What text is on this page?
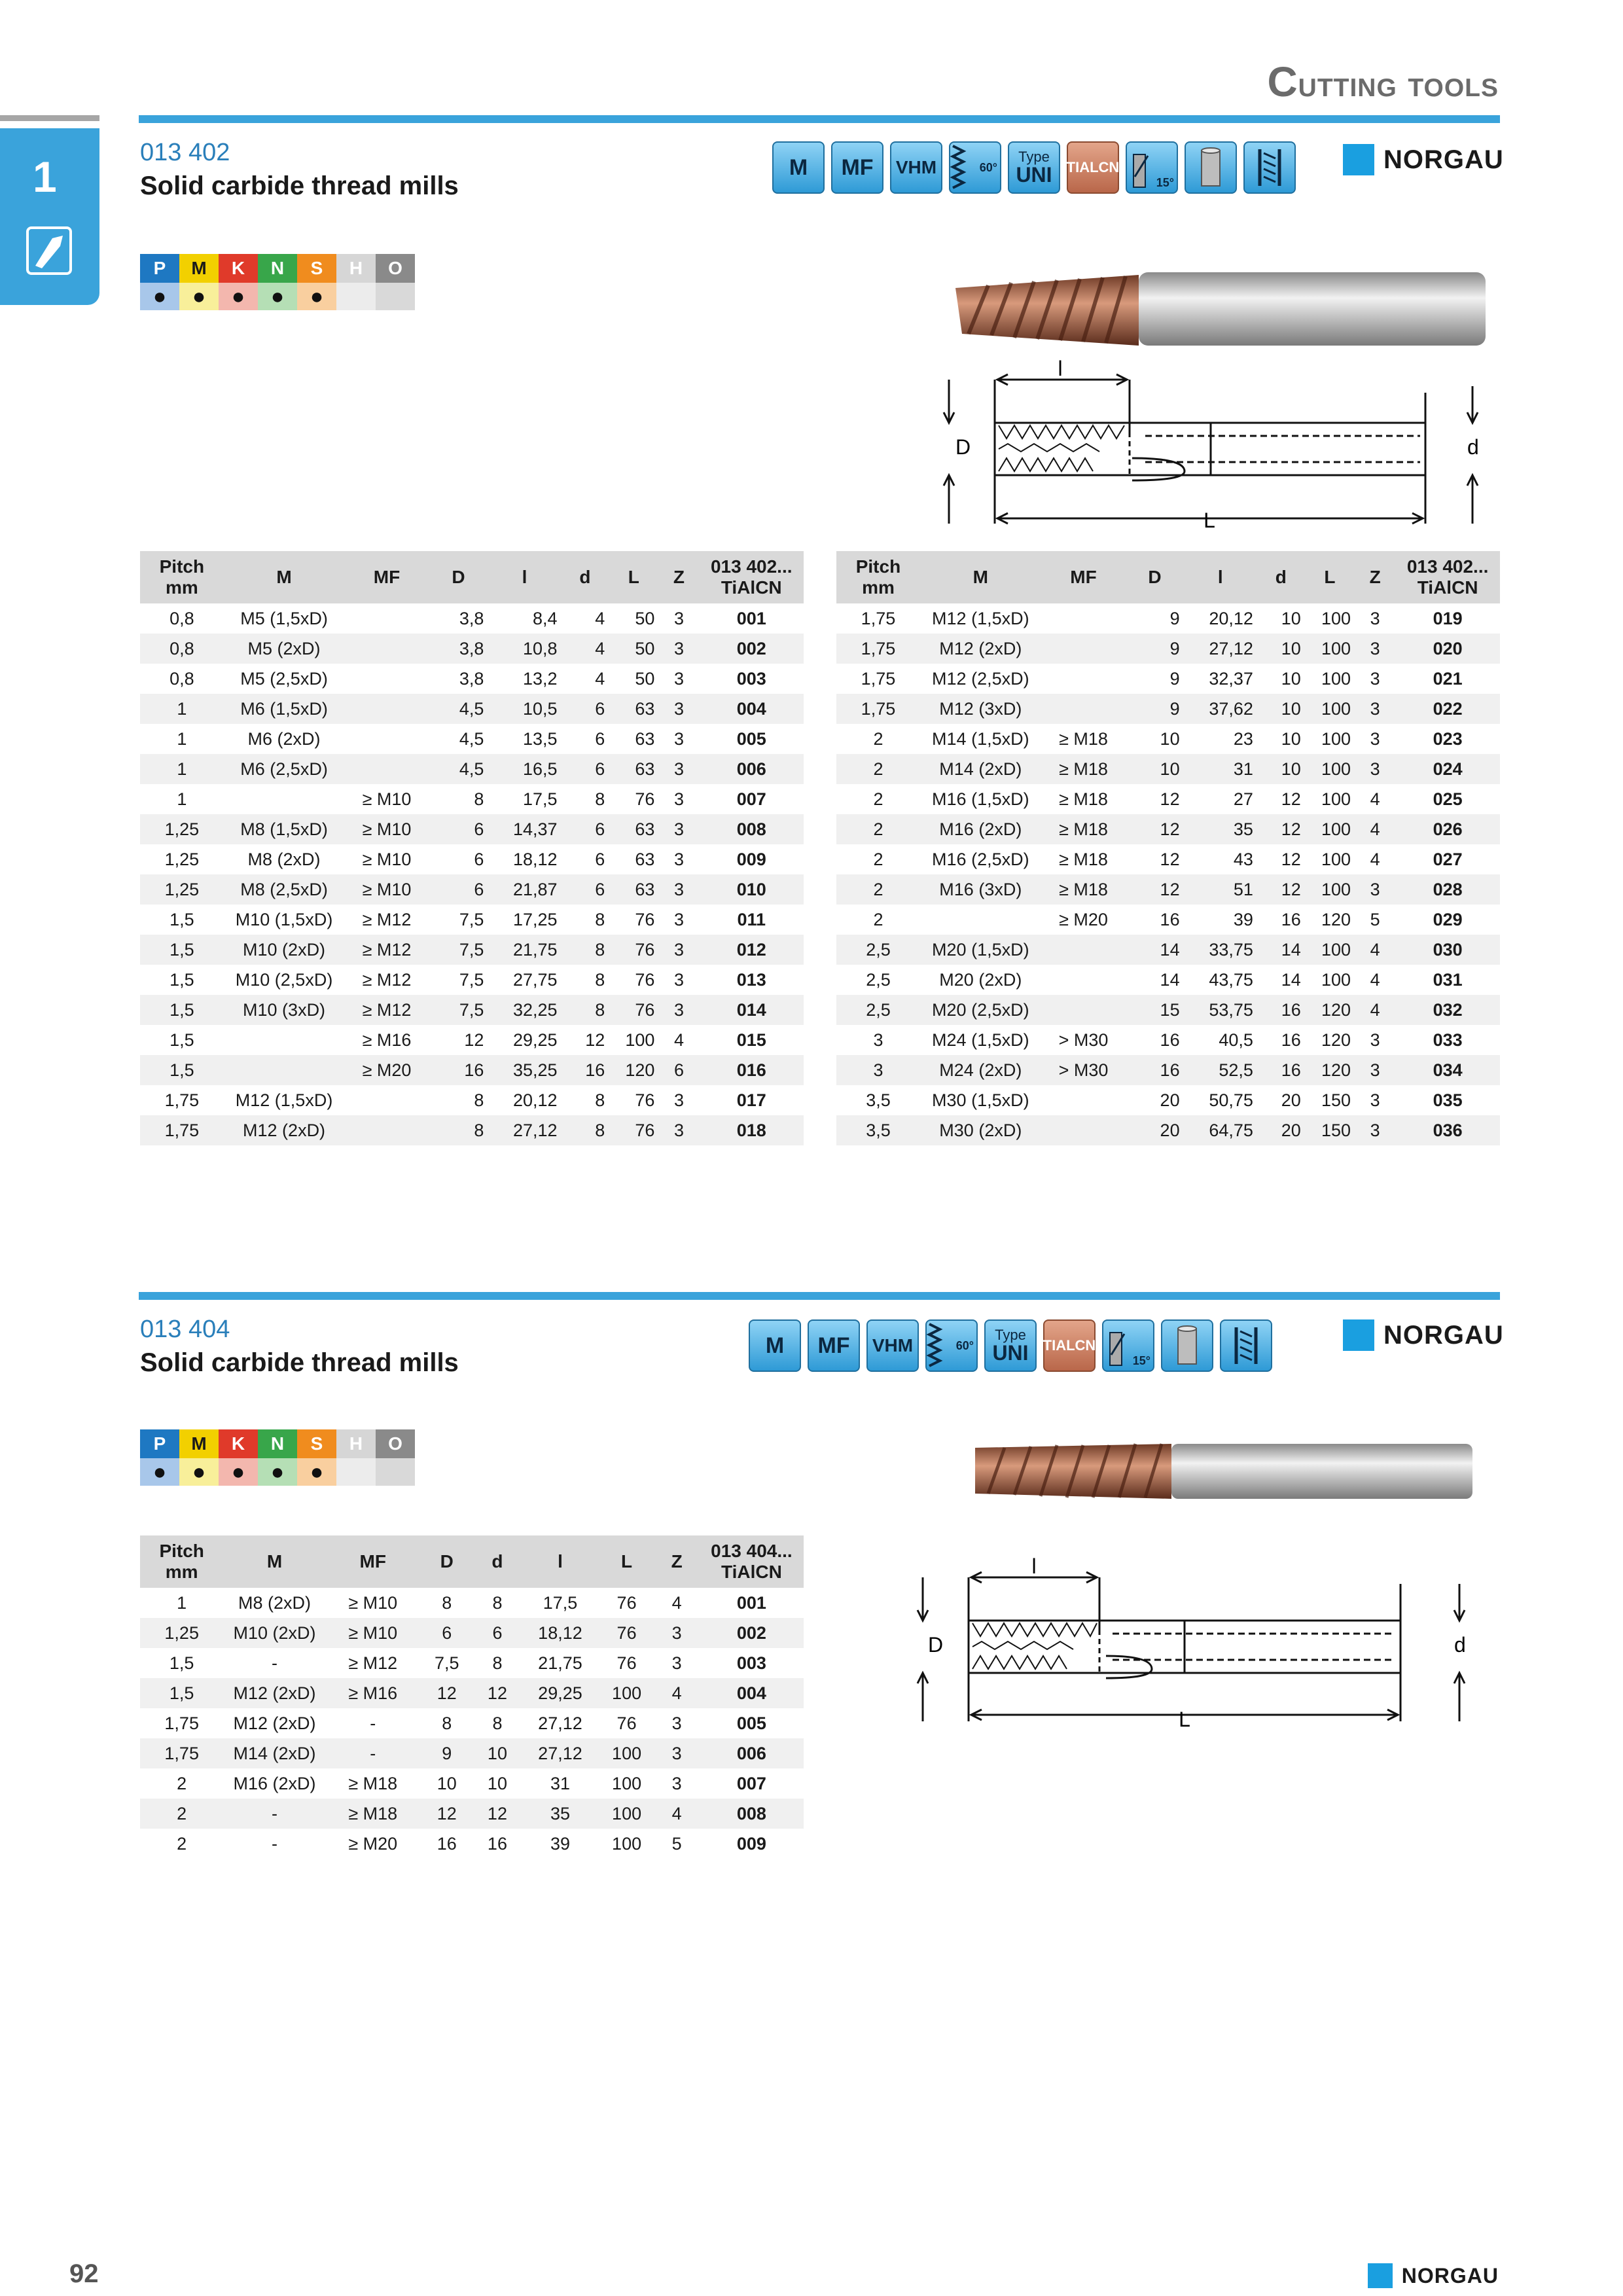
Cutting tools
1	013 402
Solid carbide thread mills
M MF VHM	60°
Type
UNI TIALCN
15°
NORGAU
P	M	K	N	S	H	O
●	●	●	●	●
l
D	d
L
Pitch
mm	M	MF	D	l	d	L	Z	013 402...
TiAlCN
0,8	M5 (1,5xD)		3,8	8,4	4	50	3	001
0,8	M5 (2xD)		3,8	10,8	4	50	3	002
0,8	M5 (2,5xD)		3,8	13,2	4	50	3	003
1	M6 (1,5xD)		4,5	10,5	6	63	3	004
1	M6 (2xD)		4,5	13,5	6	63	3	005
1	M6 (2,5xD)		4,5	16,5	6	63	3	006
1		≥ M10	8	17,5	8	76	3	007
1,25	M8 (1,5xD)	≥ M10	6	14,37	6	63	3	008
1,25	M8 (2xD)	≥ M10	6	18,12	6	63	3	009
1,25	M8 (2,5xD)	≥ M10	6	21,87	6	63	3	010
1,5	M10 (1,5xD)	≥ M12	7,5	17,25	8	76	3	011
1,5	M10 (2xD)	≥ M12	7,5	21,75	8	76	3	012
1,5	M10 (2,5xD)	≥ M12	7,5	27,75	8	76	3	013
1,5	M10 (3xD)	≥ M12	7,5	32,25	8	76	3	014
1,5		≥ M16	12	29,25	12	100	4	015
1,5		≥ M20	16	35,25	16	120	6	016
1,75	M12 (1,5xD)		8	20,12	8	76	3	017
1,75	M12 (2xD)		8	27,12	8	76	3	018
Pitch
mm	M	MF	D	l	d	L	Z	013 402...
TiAlCN
1,75	M12 (1,5xD)		9	20,12	10	100	3	019
1,75	M12 (2xD)		9	27,12	10	100	3	020
1,75	M12 (2,5xD)		9	32,37	10	100	3	021
1,75	M12 (3xD)		9	37,62	10	100	3	022
2	M14 (1,5xD)	≥ M18	10	23	10	100	3	023
2	M14 (2xD)	≥ M18	10	31	10	100	3	024
2	M16 (1,5xD)	≥ M18	12	27	12	100	4	025
2	M16 (2xD)	≥ M18	12	35	12	100	4	026
2	M16 (2,5xD)	≥ M18	12	43	12	100	4	027
2	M16 (3xD)	≥ M18	12	51	12	100	3	028
2		≥ M20	16	39	16	120	5	029
2,5	M20 (1,5xD)		14	33,75	14	100	4	030
2,5	M20 (2xD)		14	43,75	14	100	4	031
2,5	M20 (2,5xD)		15	53,75	16	120	4	032
3	M24 (1,5xD)	> M30	16	40,5	16	120	3	033
3	M24 (2xD)	> M30	16	52,5	16	120	3	034
3,5	M30 (1,5xD)		20	50,75	20	150	3	035
3,5	M30 (2xD)		20	64,75	20	150	3	036
013 404
Solid carbide thread mills
M MF VHM	60°
Type
UNI TIALCN
15°
NORGAU
P	M	K	N	S	H	O
●	●	●	●	●
l
D	d
L
Pitch
mm	M	MF	D	d	l	L	Z	013 404...
TiAlCN
1	M8 (2xD)	≥ M10	8	8	17,5	76	4	001
1,25	M10 (2xD)	≥ M10	6	6	18,12	76	3	002
1,5	-	≥ M12	7,5	8	21,75	76	3	003
1,5	M12 (2xD)	≥ M16	12	12	29,25	100	4	004
1,75	M12 (2xD)	-	8	8	27,12	76	3	005
1,75	M14 (2xD)	-	9	10	27,12	100	3	006
2	M16 (2xD)	≥ M18	10	10	31	100	3	007
2	-	≥ M18	12	12	35	100	4	008
2	-	≥ M20	16	16	39	100	5	009
92	NORGAU
